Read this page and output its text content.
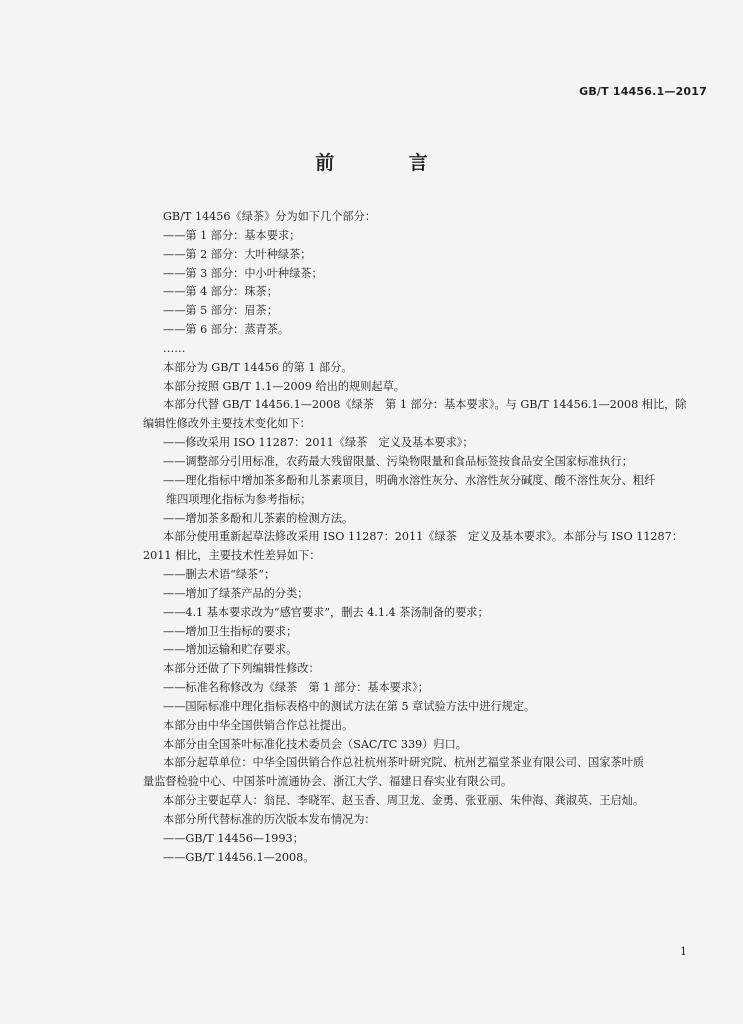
GB/T 14456.1—2017
前 言
GB/T 14456《绿茶》分为如下几个部分：
——第 1 部分：基本要求；
——第 2 部分：大叶种绿茶；
——第 3 部分：中小叶种绿茶；
——第 4 部分：珠茶；
——第 5 部分：眉茶；
——第 6 部分：蒸青茶。
……
本部分为 GB/T 14456 的第 1 部分。
本部分按照 GB/T 1.1—2009 给出的规则起草。
本部分代替 GB/T 14456.1—2008《绿茶　第 1 部分：基本要求》。与 GB/T 14456.1—2008 相比，除
编辑性修改外主要技术变化如下：
——修改采用 ISO 11287：2011《绿茶　定义及基本要求》；
——调整部分引用标准，农药最大残留限量、污染物限量和食品标签按食品安全国家标准执行；
——理化指标中增加茶多酚和儿茶素项目，明确水溶性灰分、水溶性灰分碱度、酸不溶性灰分、粗纤
维四项理化指标为参考指标；
——增加茶多酚和儿茶素的检测方法。
本部分使用重新起草法修改采用 ISO 11287：2011《绿茶　定义及基本要求》。本部分与 ISO 11287：
2011 相比，主要技术性差异如下：
——删去术语“绿茶”；
——增加了绿茶产品的分类；
——4.1 基本要求改为“感官要求”，删去 4.1.4 茶汤制备的要求；
——增加卫生指标的要求；
——增加运输和贮存要求。
本部分还做了下列编辑性修改：
——标准名称修改为《绿茶　第 1 部分：基本要求》；
——国际标准中理化指标表格中的测试方法在第 5 章试验方法中进行规定。
本部分由中华全国供销合作总社提出。
本部分由全国茶叶标准化技术委员会（SAC/TC 339）归口。
本部分起草单位：中华全国供销合作总社杭州茶叶研究院、杭州艺福堂茶业有限公司、国家茶叶质
量监督检验中心、中国茶叶流通协会、浙江大学、福建日春实业有限公司。
本部分主要起草人：翁昆、李晓军、赵玉香、周卫龙、金勇、张亚丽、朱仲海、龚淑英、王启灿。
本部分所代替标准的历次版本发布情况为：
——GB/T 14456—1993；
——GB/T 14456.1—2008。
1
